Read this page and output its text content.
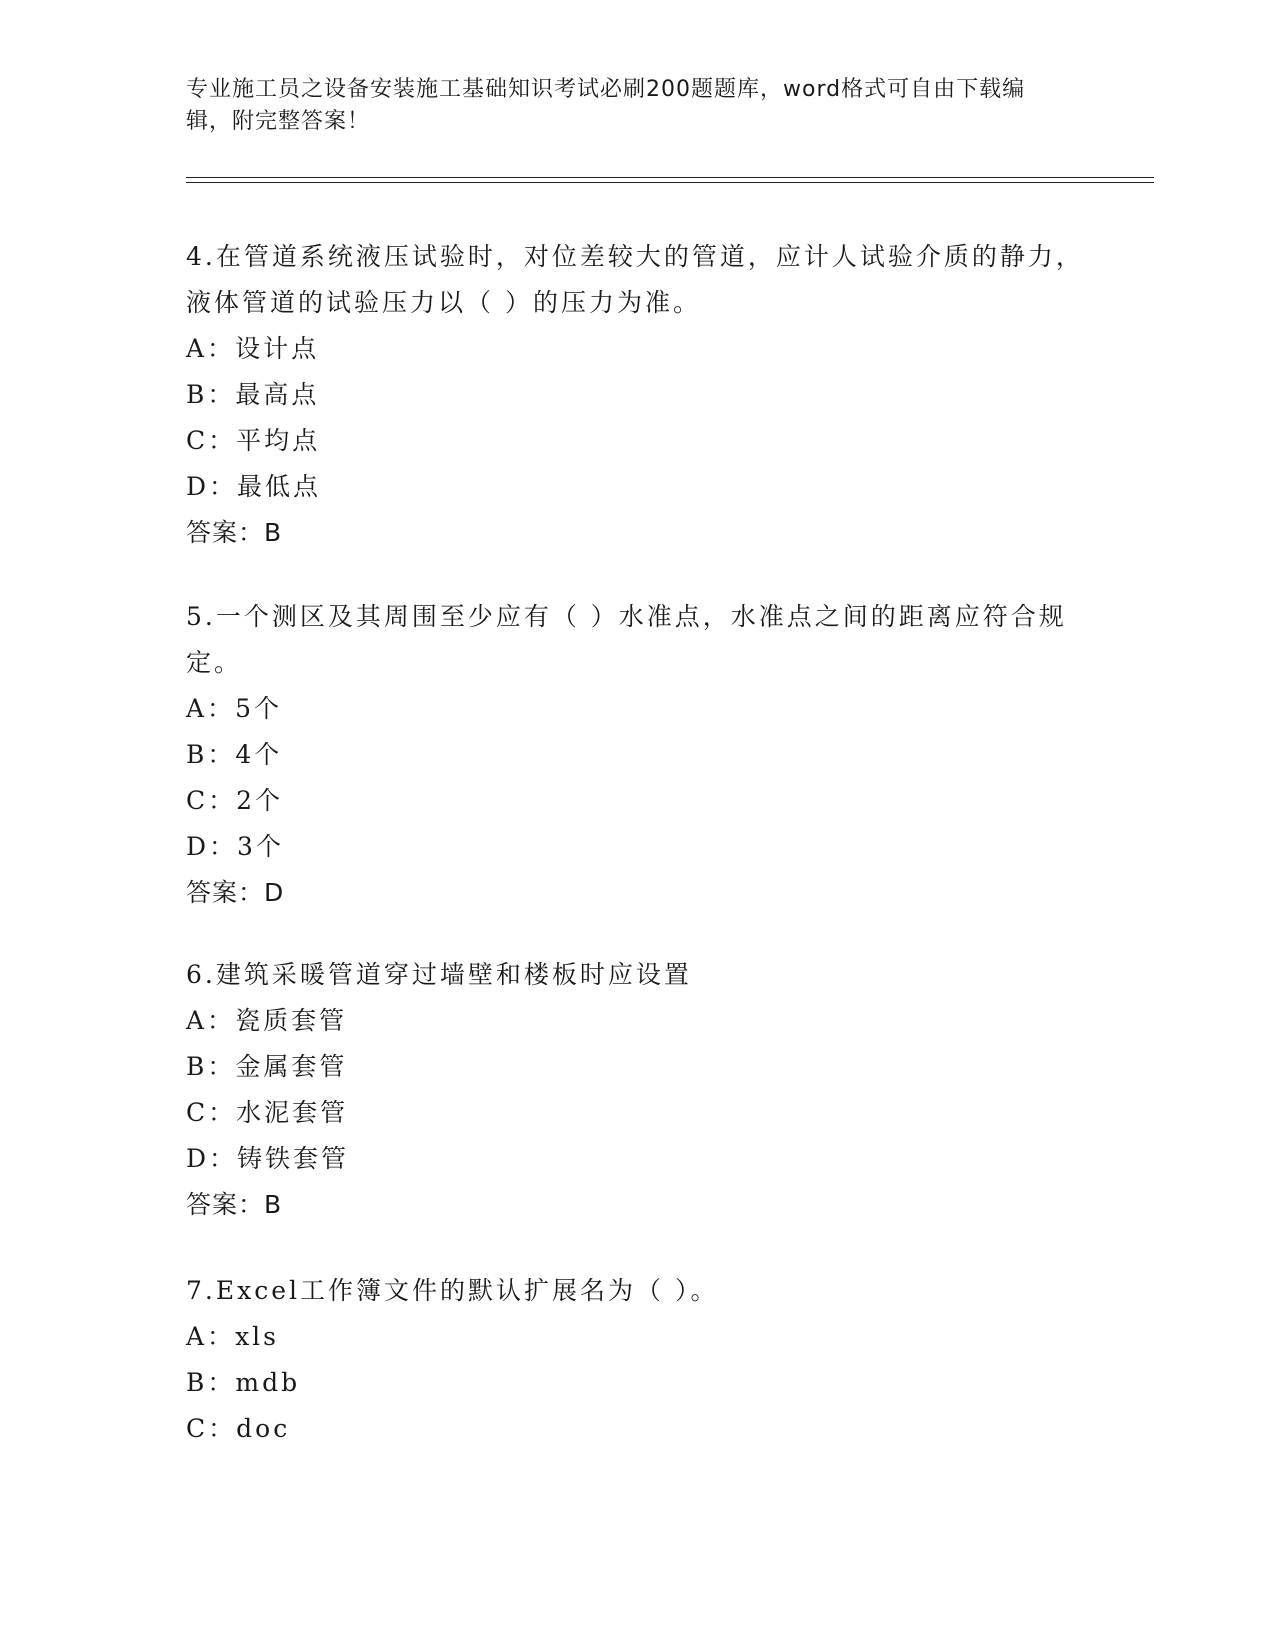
专业施工员之设备安装施工基础知识考试必刷200题题库，word格式可自由下载编辑，附完整答案！
4.在管道系统液压试验时，对位差较大的管道，应计人试验介质的静力，液体管道的试验压力以（ ）的压力为准。
A：设计点
B：最高点
C：平均点
D：最低点
答案：B
5.一个测区及其周围至少应有（ ）水准点，水准点之间的距离应符合规定。
A：5个
B：4个
C：2个
D：3个
答案：D
6.建筑采暖管道穿过墙壁和楼板时应设置
A：瓷质套管
B：金属套管
C：水泥套管
D：铸铁套管
答案：B
7.Excel工作簿文件的默认扩展名为（ ）。
A：xls
B：mdb
C：doc
